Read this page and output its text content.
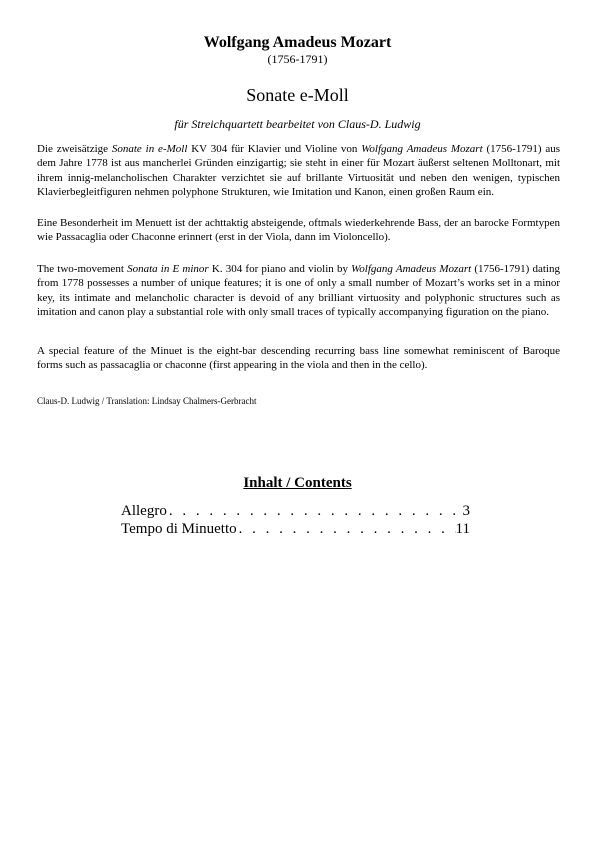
Wolfgang Amadeus Mozart
(1756-1791)
Sonate e-Moll
für Streichquartett bearbeitet von Claus-D. Ludwig

Die zweisätzige Sonate in e-Moll KV 304 für Klavier und Violine von Wolfgang Amadeus Mozart (1756-1791) aus dem Jahre 1778 ist aus mancherlei Gründen einzigartig; sie steht in einer für Mozart äußerst seltenen Molltonart, mit ihrem innig-melancholischen Charakter verzichtet sie auf brillante Virtuosität und neben den wenigen, typischen Klavierbegleitfiguren nehmen polyphone Strukturen, wie Imitation und Kanon, einen großen Raum ein.

Eine Besonderheit im Menuett ist der achttaktig absteigende, oftmals wiederkehrende Bass, der an barocke Formtypen wie Passacaglia oder Chaconne erinnert (erst in der Viola, dann im Violoncello).

The two-movement Sonata in E minor K. 304 for piano and violin by Wolfgang Amadeus Mozart (1756-1791) dating from 1778 possesses a number of unique features; it is one of only a small number of Mozart’s works set in a minor key, its intimate and melancholic character is devoid of any brilliant virtuosity and polyphonic structures such as imitation and canon play a substantial role with only small traces of typically accompanying figuration on the piano.

A special feature of the Minuet is the eight-bar descending recurring bass line somewhat reminiscent of Baroque forms such as passacaglia or chaconne (first appearing in the viola and then in the cello).

Claus-D. Ludwig / Translation: Lindsay Chalmers-Gerbracht
Inhalt / Contents
Allegro . . .	3
Tempo di Minuetto . . .	11
